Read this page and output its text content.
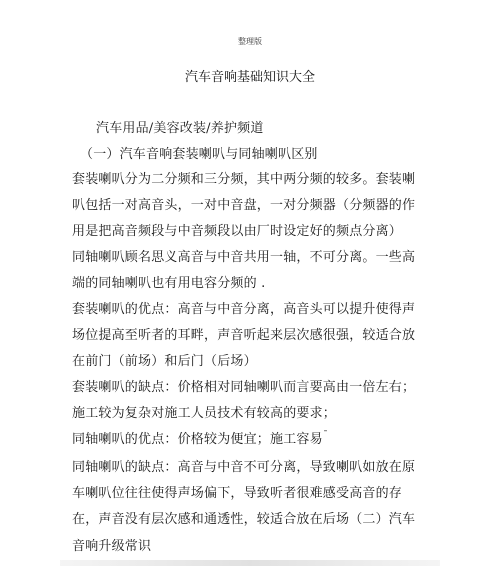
整理版
汽车音响基础知识大全
汽车用品/美容改装/养护频道
（一）汽车音响套装喇叭与同轴喇叭区别
套装喇叭分为二分频和三分频，其中两分频的较多。套装喇
叭包括一对高音头，一对中音盘，一对分频器（分频器的作
用是把高音频段与中音频段以由厂时设定好的频点分离）
同轴喇叭顾名思义高音与中音共用一轴，不可分离。一些高
端的同轴喇叭也有用电容分频的 .
套装喇叭的优点：高音与中音分离，高音头可以提升使得声
场位提高至听者的耳畔，声音听起来层次感很强，较适合放
在前门（前场）和后门（后场）
套装喇叭的缺点：价格相对同轴喇叭而言要高由一倍左右；
施工较为复杂对施工人员技术有较高的要求；
同轴喇叭的优点：价格较为便宜；施工容易
同轴喇叭的缺点：高音与中音不可分离，导致喇叭如放在原
车喇叭位往往使得声场偏下，导致听者很难感受高音的存
在，声音没有层次感和通透性，较适合放在后场（二）汽车
音响升级常识
ˉ
